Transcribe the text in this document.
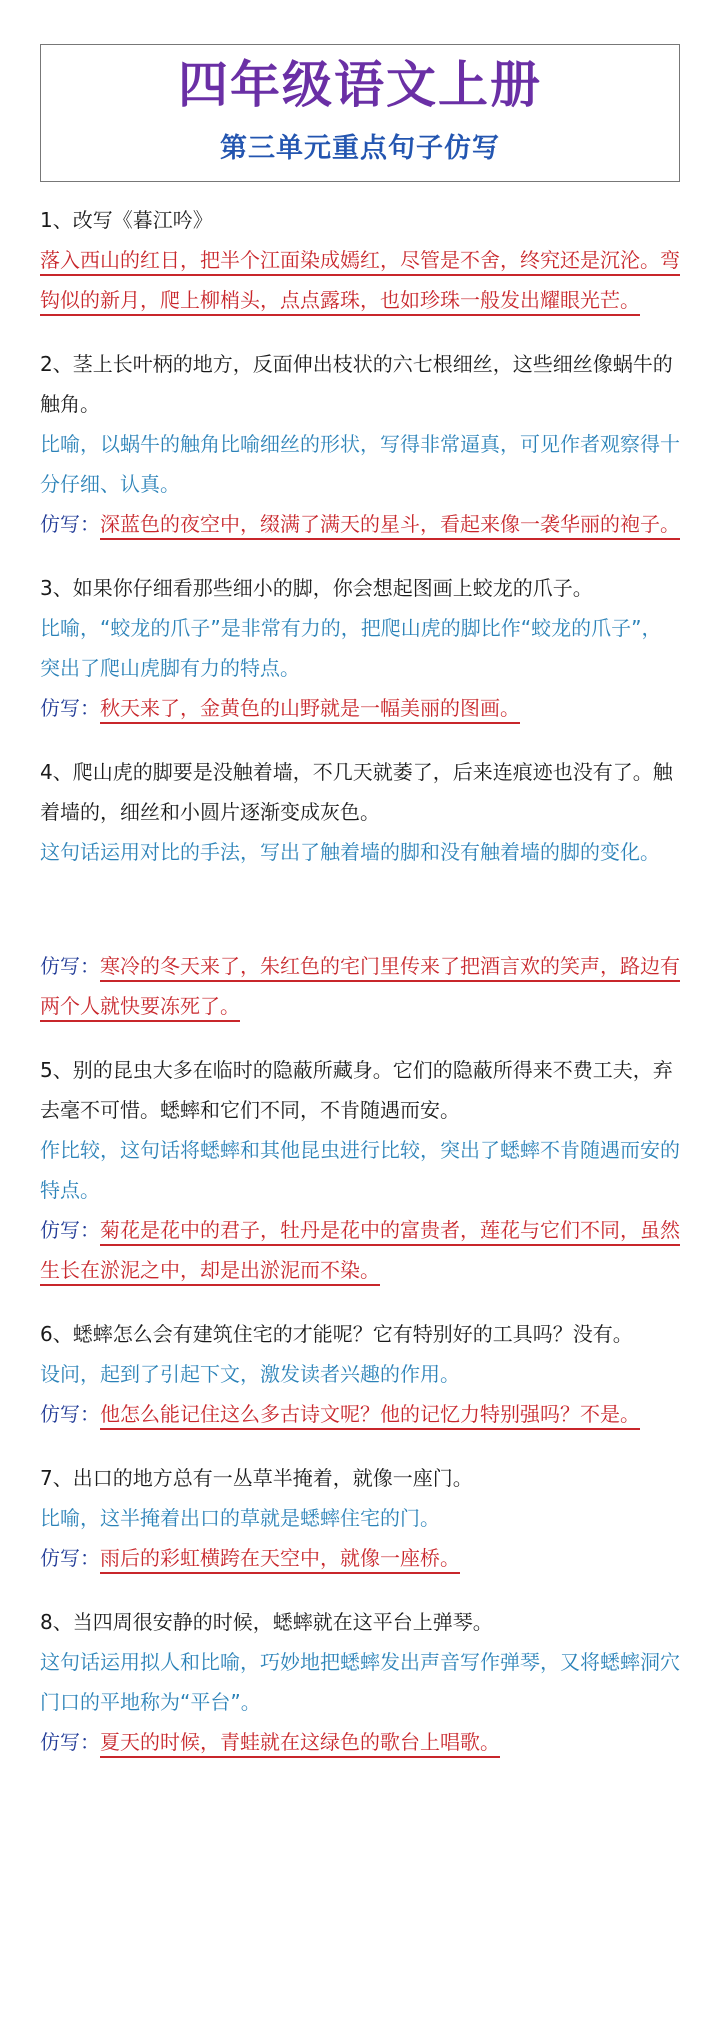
四年级语文上册
第三单元重点句子仿写
1、改写《暮江吟》
落入西山的红日，把半个江面染成嫣红，尽管是不舍，终究还是沉沦。弯钩似的新月，爬上柳梢头，点点露珠，也如珍珠一般发出耀眼光芒。
2、茎上长叶柄的地方，反面伸出枝状的六七根细丝，这些细丝像蜗牛的触角。
比喻，以蜗牛的触角比喻细丝的形状，写得非常逼真，可见作者观察得十分仔细、认真。
仿写：深蓝色的夜空中，缀满了满天的星斗，看起来像一袭华丽的袍子。
3、如果你仔细看那些细小的脚，你会想起图画上蛟龙的爪子。
比喻，“蛟龙的爪子”是非常有力的，把爬山虎的脚比作“蛟龙的爪子”，突出了爬山虎脚有力的特点。
仿写：秋天来了，金黄色的山野就是一幅美丽的图画。
4、爬山虎的脚要是没触着墙，不几天就萎了，后来连痕迹也没有了。触着墙的，细丝和小圆片逐渐变成灰色。
这句话运用对比的手法，写出了触着墙的脚和没有触着墙的脚的变化。
仿写：寒冷的冬天来了，朱红色的宅门里传来了把酒言欢的笑声，路边有两个人就快要冻死了。
5、别的昆虫大多在临时的隐蔽所藏身。它们的隐蔽所得来不费工夫，弃去毫不可惜。蟋蟀和它们不同，不肯随遇而安。
作比较，这句话将蟋蟀和其他昆虫进行比较，突出了蟋蟀不肯随遇而安的特点。
仿写：菊花是花中的君子，牡丹是花中的富贵者，莲花与它们不同，虽然生长在淤泥之中，却是出淤泥而不染。
6、蟋蟀怎么会有建筑住宅的才能呢？它有特别好的工具吗？没有。
设问，起到了引起下文，激发读者兴趣的作用。
仿写：他怎么能记住这么多古诗文呢？他的记忆力特别强吗？不是。
7、出口的地方总有一丛草半掩着，就像一座门。
比喻，这半掩着出口的草就是蟋蟀住宅的门。
仿写：雨后的彩虹横跨在天空中，就像一座桥。
8、当四周很安静的时候，蟋蟀就在这平台上弹琴。
这句话运用拟人和比喻，巧妙地把蟋蟀发出声音写作弹琴，又将蟋蟀洞穴门口的平地称为“平台”。
仿写：夏天的时候，青蛙就在这绿色的歌台上唱歌。
